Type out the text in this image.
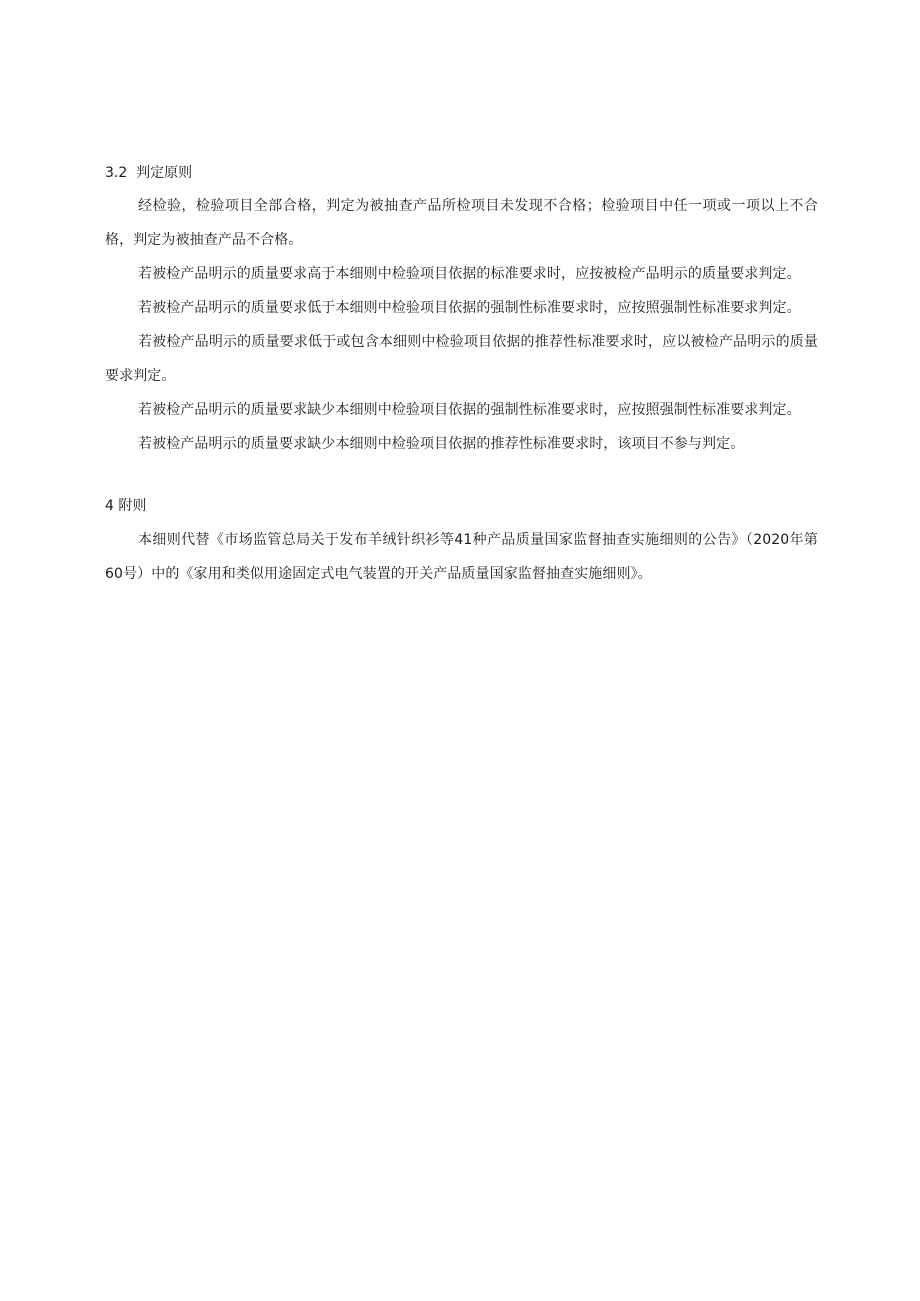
3.2  判定原则

经检验，检验项目全部合格，判定为被抽查产品所检项目未发现不合格；检验项目中任一项或一项以上不合格，判定为被抽查产品不合格。

若被检产品明示的质量要求高于本细则中检验项目依据的标准要求时，应按被检产品明示的质量要求判定。

若被检产品明示的质量要求低于本细则中检验项目依据的强制性标准要求时，应按照强制性标准要求判定。

若被检产品明示的质量要求低于或包含本细则中检验项目依据的推荐性标准要求时，应以被检产品明示的质量要求判定。

若被检产品明示的质量要求缺少本细则中检验项目依据的强制性标准要求时，应按照强制性标准要求判定。

若被检产品明示的质量要求缺少本细则中检验项目依据的推荐性标准要求时，该项目不参与判定。

4 附则

本细则代替《市场监管总局关于发布羊绒针织衫等41种产品质量国家监督抽查实施细则的公告》（2020年第60号）中的《家用和类似用途固定式电气装置的开关产品质量国家监督抽查实施细则》。
